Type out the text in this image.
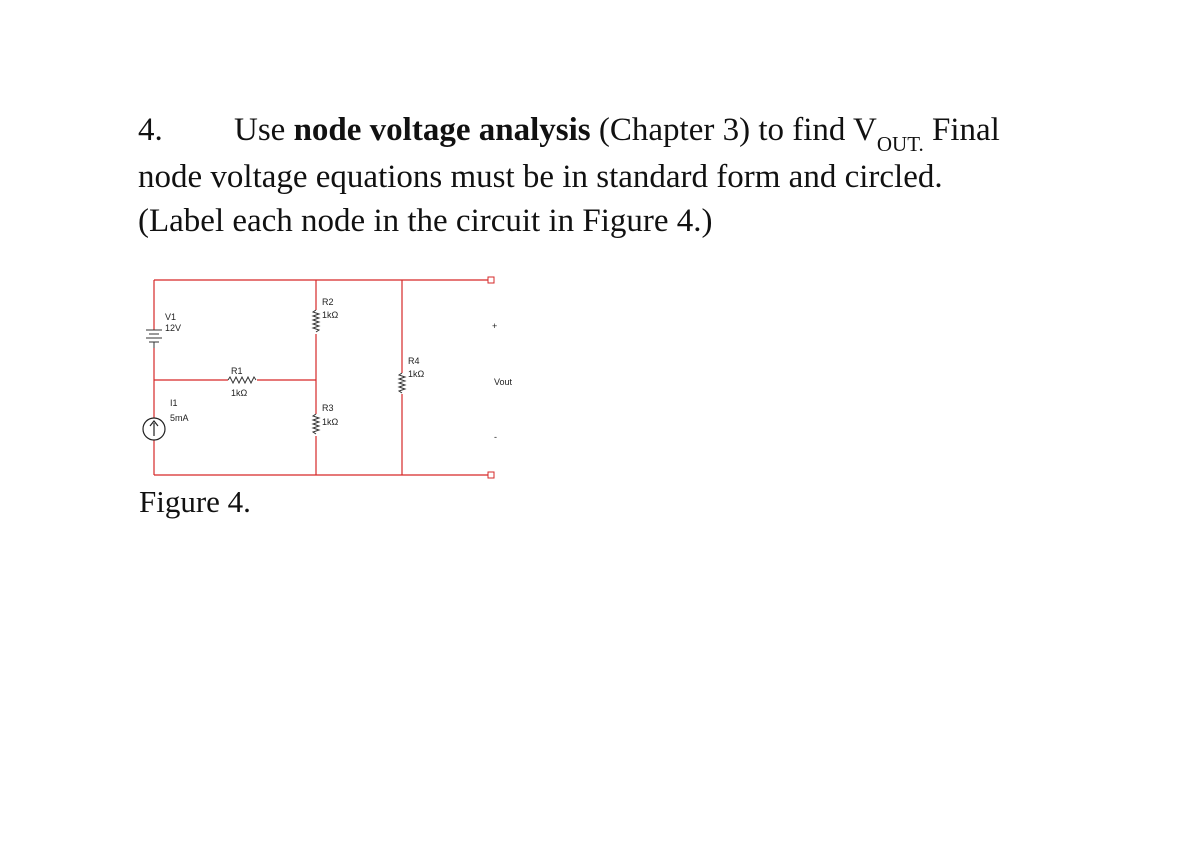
4. Use node voltage analysis (Chapter 3) to find $V_{OUT.}$ Final
node voltage equations must be in standard form and circled.
(Label each node in the circuit in Figure 4.)
V1
12V
I1
5mA
R1
1kΩ
R2
1kΩ
R3
1kΩ
R4
1kΩ
+
Vout
-
Figure 4.
